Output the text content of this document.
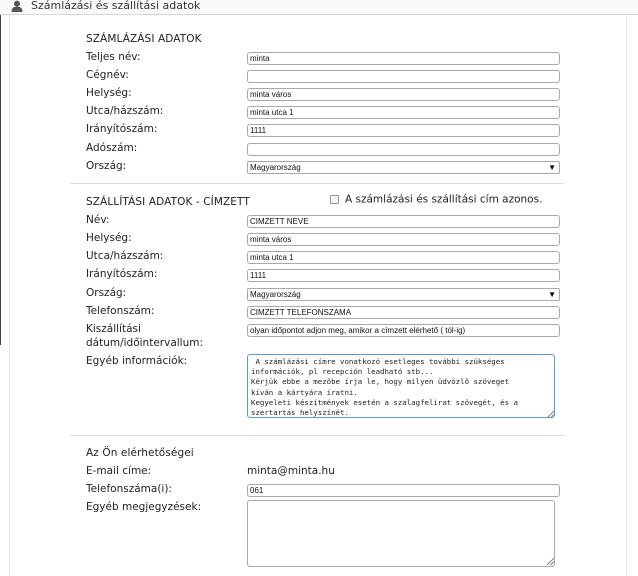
Számlázási és szállítási adatok
SZÁMLÁZÁSI ADATOK
Teljes név:	minta
Cégnév:
Helység:	minta város
Utca/házszám:	minta utca 1
Irányítószám:	1111
Adószám:
Ország:	Magyarország	▼
A számlázási és szállítási cím azonos.
SZÁLLÍTÁSI ADATOK - CÍMZETT
Név:	CIMZETT NEVE
Helység:	minta város
Utca/házszám:	minta utca 1
Irányítószám:	1111
Ország:	Magyarország	▼
Telefonszám:	CIMZETT TELEFONSZAMA
Kiszállítási
dátum/időintervallum:
olyan időpontot adjon meg, amikor a címzett elérhető ( tól-ig)
Egyéb információk:	A számlázási címre vonatkozó esetleges további szükséges
információk, pl recepción leadható stb...
Kérjük ebbe a mezőbe írja le, hogy milyen üdvözlő szöveget
kíván a kártyára íratni.
Kegyeleti készítmények esetén a szalagfelirat szövegét, és a
szertartás helyszínét.
Az Ön elérhetőségei
E-mail címe:	minta@minta.hu
Telefonszáma(i):	061
Egyéb megjegyzések:
